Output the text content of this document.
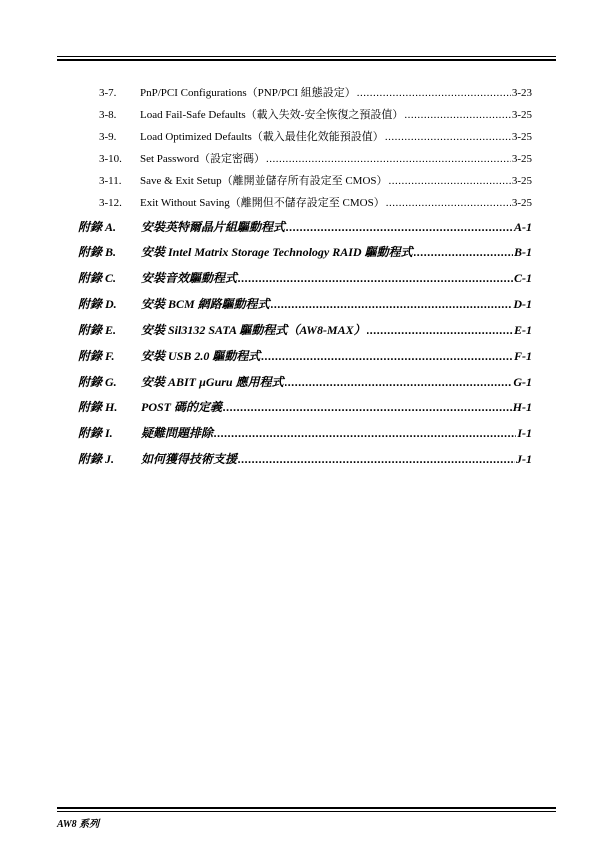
3-7.	PnP/PCI Configurations（PNP/PCI 組態設定） .....	3-23
3-8.	Load Fail-Safe Defaults（載入失效-安全恢復之預設值） .....	3-25
3-9.	Load Optimized Defaults（載入最佳化效能預設值） .....	3-25
3-10.	Set Password（設定密碼） .....	3-25
3-11.	Save & Exit Setup（離開並儲存所有設定至 CMOS） .....	3-25
3-12.	Exit Without Saving（離開但不儲存設定至 CMOS） .....	3-25
附錄 A.	安裝英特爾晶片組驅動程式 .....	A-1
附錄 B.	安裝 Intel Matrix Storage Technology RAID 驅動程式 .....	B-1
附錄 C.	安裝音效驅動程式 .....	C-1
附錄 D.	安裝 BCM 網路驅動程式 .....	D-1
附錄 E.	安裝 Sil3132 SATA 驅動程式（AW8-MAX） .....	E-1
附錄 F.	安裝 USB 2.0 驅動程式 .....	F-1
附錄 G.	安裝 ABIT µGuru 應用程式 .....	G-1
附錄 H.	POST 碼的定義 .....	H-1
附錄 I.	疑難問題排除 .....	I-1
附錄 J.	如何獲得技術支援 .....	J-1
AW8 系列
